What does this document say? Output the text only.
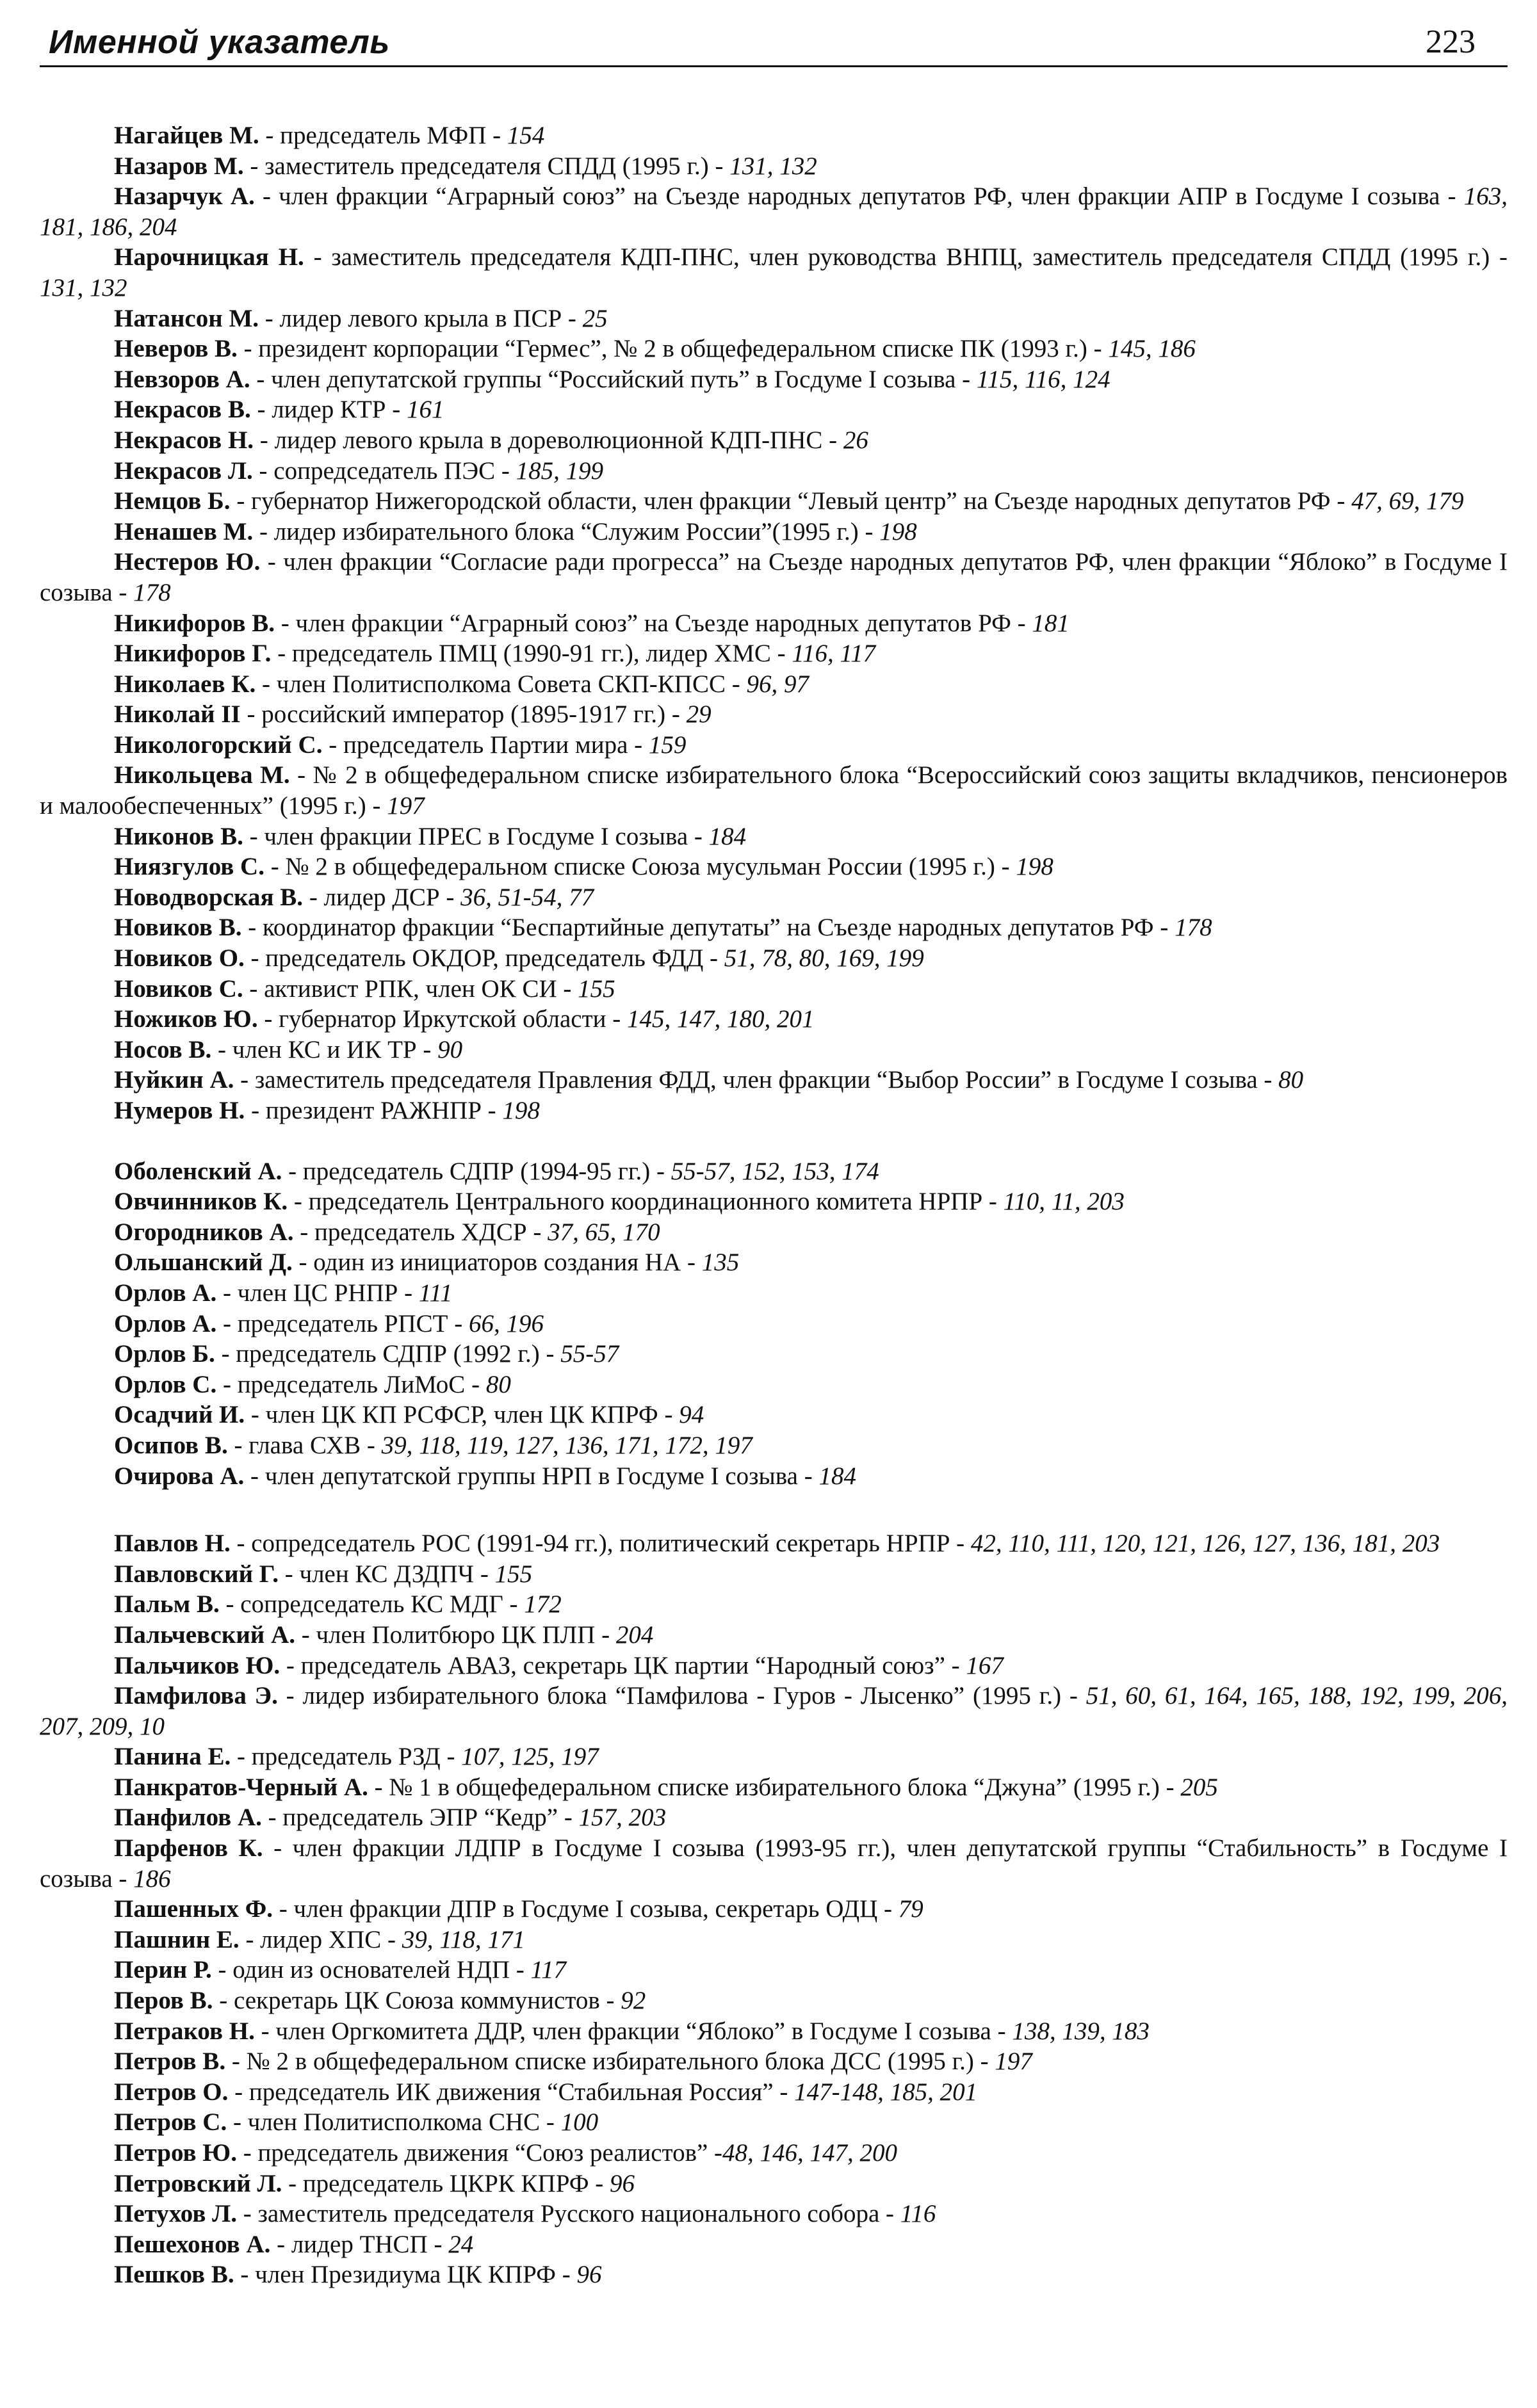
Именной указатель	223

Нагайцев М. - председатель МФП - 154

Назаров М. - заместитель председателя СПДД (1995 г.) - 131, 132

Назарчук А. - член фракции “Аграрный союз” на Съезде народных депутатов РФ, член фракции АПР в Госдуме I созыва - 163, 181, 186, 204

Нарочницкая Н. - заместитель председателя КДП-ПНС, член руководства ВНПЦ, заместитель председателя СПДД (1995 г.) - 131, 132

Натансон М. - лидер левого крыла в ПСР - 25

Неверов В. - президент корпорации “Гермес”, № 2 в общефедеральном списке ПК (1993 г.) - 145, 186

Невзоров А. - член депутатской группы “Российский путь” в Госдуме I созыва - 115, 116, 124

Некрасов В. - лидер КТР - 161

Некрасов Н. - лидер левого крыла в дореволюционной КДП-ПНС - 26

Некрасов Л. - сопредседатель ПЭС - 185, 199

Немцов Б. - губернатор Нижегородской области, член фракции “Левый центр” на Съезде народных депутатов РФ - 47, 69, 179

Ненашев М. - лидер избирательного блока “Служим России”(1995 г.) - 198

Нестеров Ю. - член фракции “Согласие ради прогресса” на Съезде народных депутатов РФ, член фракции “Яблоко” в Госдуме I созыва - 178

Никифоров В. - член фракции “Аграрный союз” на Съезде народных депутатов РФ - 181

Никифоров Г. - председатель ПМЦ (1990-91 гг.), лидер ХМС - 116, 117

Николаев К. - член Политисполкома Совета СКП-КПСС - 96, 97

Николай II - российский император (1895-1917 гг.) - 29

Никологорский С. - председатель Партии мира - 159

Никольцева М. - № 2 в общефедеральном списке избирательного блока “Всероссийский союз защиты вкладчиков, пенсионеров и малообеспеченных” (1995 г.) - 197

Никонов В. - член фракции ПРЕС в Госдуме I созыва - 184

Ниязгулов С. - № 2 в общефедеральном списке Союза мусульман России (1995 г.) - 198

Новодворская В. - лидер ДСР - 36, 51-54, 77

Новиков В. - координатор фракции “Беспартийные депутаты” на Съезде народных депутатов РФ - 178

Новиков О. - председатель ОКДОР, председатель ФДД - 51, 78, 80, 169, 199

Новиков С. - активист РПК, член ОК СИ - 155

Ножиков Ю. - губернатор Иркутской области - 145, 147, 180, 201

Носов В. - член КС и ИК ТР - 90

Нуйкин А. - заместитель председателя Правления ФДД, член фракции “Выбор России” в Госдуме I созыва - 80

Нумеров Н. - президент РАЖНПР - 198

Оболенский А. - председатель СДПР (1994-95 гг.) - 55-57, 152, 153, 174

Овчинников К. - председатель Центрального координационного комитета НРПР - 110, 11, 203

Огородников А. - председатель ХДСР - 37, 65, 170

Ольшанский Д. - один из инициаторов создания НА - 135

Орлов А. - член ЦС РНПР - 111

Орлов А. - председатель РПСТ - 66, 196

Орлов Б. - председатель СДПР (1992 г.) - 55-57

Орлов С. - председатель ЛиМоС - 80

Осадчий И. - член ЦК КП РСФСР, член ЦК КПРФ - 94

Осипов В. - глава СХВ - 39, 118, 119, 127, 136, 171, 172, 197

Очирова А. - член депутатской группы НРП в Госдуме I созыва - 184

Павлов Н. - сопредседатель РОС (1991-94 гг.), политический секретарь НРПР - 42, 110, 111, 120, 121, 126, 127, 136, 181, 203

Павловский Г. - член КС ДЗДПЧ - 155

Пальм В. - сопредседатель КС МДГ - 172

Пальчевский А. - член Политбюро ЦК ПЛП - 204

Пальчиков Ю. - председатель АВАЗ, секретарь ЦК партии “Народный союз” - 167

Памфилова Э. - лидер избирательного блока “Памфилова - Гуров - Лысенко” (1995 г.) - 51, 60, 61, 164, 165, 188, 192, 199, 206, 207, 209, 10

Панина Е. - председатель РЗД - 107, 125, 197

Панкратов-Черный А. - № 1 в общефедеральном списке избирательного блока “Джуна” (1995 г.) - 205

Панфилов А. - председатель ЭПР “Кедр” - 157, 203

Парфенов К. - член фракции ЛДПР в Госдуме I созыва (1993-95 гг.), член депутатской группы “Стабильность” в Госдуме I созыва - 186

Пашенных Ф. - член фракции ДПР в Госдуме I созыва, секретарь ОДЦ - 79

Пашнин Е. - лидер ХПС - 39, 118, 171

Перин Р. - один из основателей НДП - 117

Перов В. - секретарь ЦК Союза коммунистов - 92

Петраков Н. - член Оргкомитета ДДР, член фракции “Яблоко” в Госдуме I созыва - 138, 139, 183

Петров В. - № 2 в общефедеральном списке избирательного блока ДСС (1995 г.) - 197

Петров О. - председатель ИК движения “Стабильная Россия” - 147-148, 185, 201

Петров С. - член Политисполкома СНС - 100

Петров Ю. - председатель движения “Союз реалистов” -48, 146, 147, 200

Петровский Л. - председатель ЦКРК КПРФ - 96

Петухов Л. - заместитель председателя Русского национального собора - 116

Пешехонов А. - лидер ТНСП - 24

Пешков В. - член Президиума ЦК КПРФ - 96
